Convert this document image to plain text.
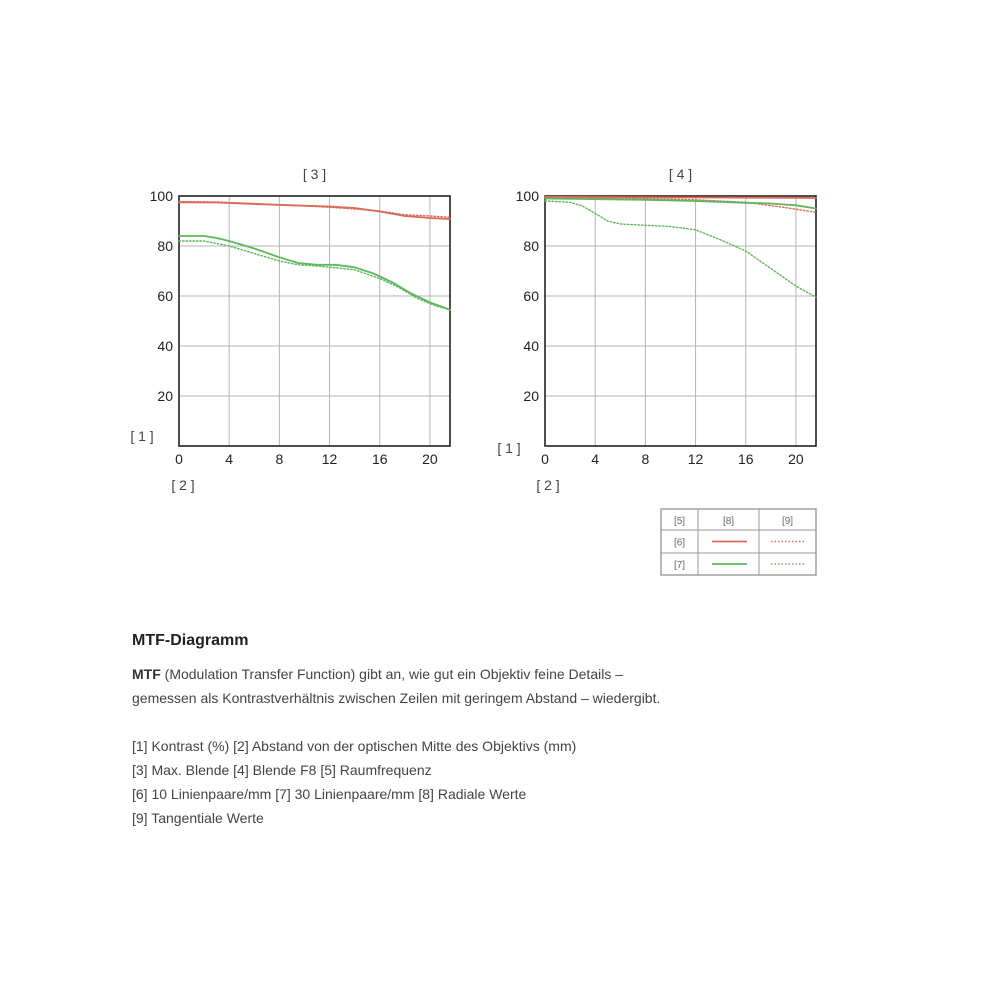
20
40
60
80
100
0	4	8	12 16 20
[ 3 ]
[ 1 ]
[ 2 ]
20
40
60
80
100
0	4	8	12 16 20
[ 4 ]
[ 1 ]
[ 2 ]
[5]	[8]	[9]
[6]
[7]
MTF-Diagramm

MTF (Modulation Transfer Function) gibt an, wie gut ein Objektiv feine Details –
gemessen als Kontrastverhältnis zwischen Zeilen mit geringem Abstand – wiedergibt.

[1] Kontrast (%) [2] Abstand von der optischen Mitte des Objektivs (mm)
[3] Max. Blende [4] Blende F8 [5] Raumfrequenz
[6] 10 Linienpaare/mm [7] 30 Linienpaare/mm [8] Radiale Werte
[9] Tangentiale Werte
